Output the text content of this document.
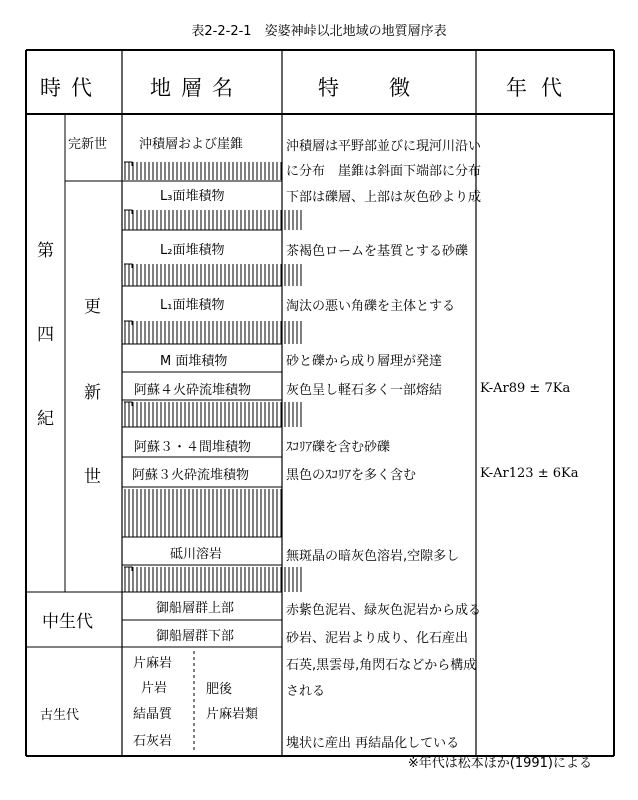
表2-2-2-1　姿婆神峠以北地域の地質層序表
時代 地層名	特徴 年代
第
四
紀
完新世
更
新
世
中生代
古生代
沖積層および崖錐
L₃面堆積物
L₂面堆積物
L₁面堆積物
M 面堆積物
阿蘇４火砕流堆積物
阿蘇３・４間堆積物
阿蘇３火砕流堆積物
砥川溶岩
御船層群上部
御船層群下部
片麻岩
片岩
結晶質
石灰岩
肥後
片麻岩類
沖積層は平野部並びに現河川沿い
に分布　崖錐は斜面下端部に分布
下部は礫層、上部は灰色砂より成
茶褐色ロームを基質とする砂礫
淘汰の悪い角礫を主体とする
砂と礫から成り層理が発達
灰色呈し軽石多く一部熔結
ｽｺﾘｱ礫を含む砂礫
黒色のｽｺﾘｱを多く含む
無斑晶の暗灰色溶岩,空隙多し
赤紫色泥岩、緑灰色泥岩から成る
砂岩、泥岩より成り、化石産出
石英,黒雲母,角閃石などから構成
される
塊状に産出 再結晶化している
K-Ar89 ± 7Ka
K-Ar123 ± 6Ka
※年代は松本ほか(1991)による
